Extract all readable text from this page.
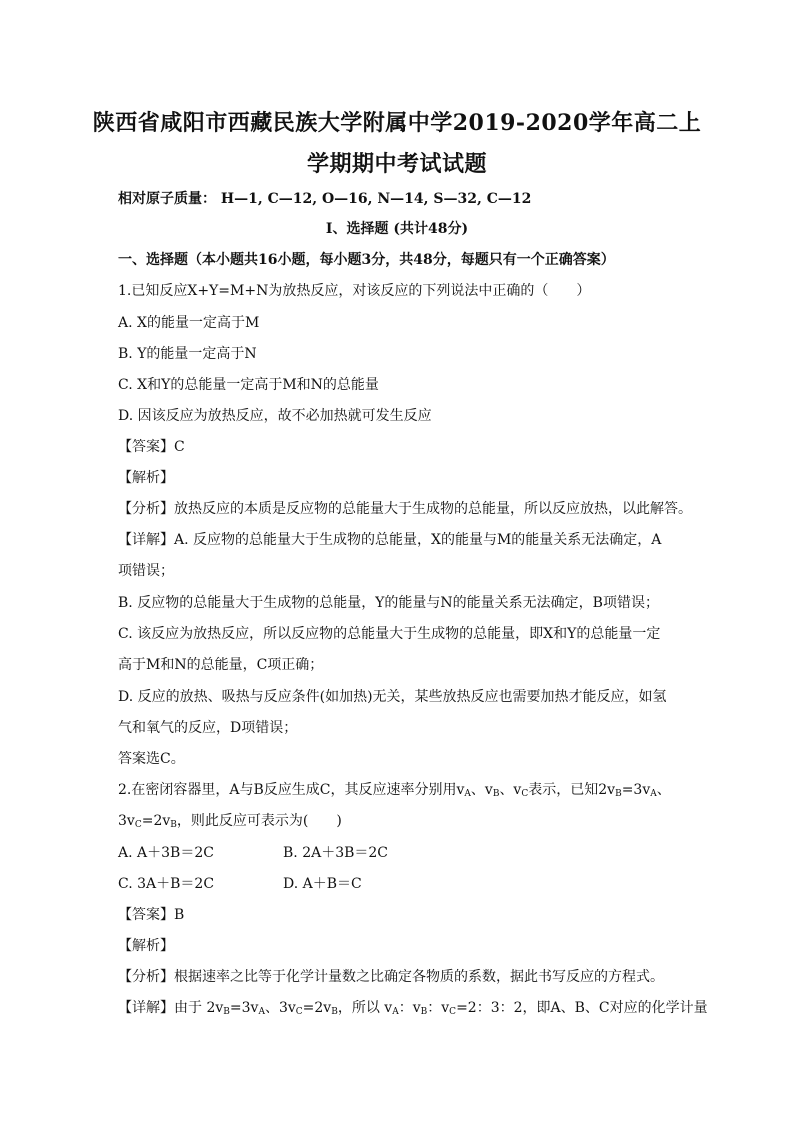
陕西省咸阳市西藏民族大学附属中学2019-2020学年高二上
学期期中考试试题
相对原子质量： H—1, C—12, O—16, N—14, S—32, C—12
I、选择题 (共计48分)
一、选择题（本小题共16小题，每小题3分，共48分，每题只有一个正确答案）
1.已知反应X+Y=M+N为放热反应，对该反应的下列说法中正确的（　　）
A. X的能量一定高于M
B. Y的能量一定高于N
C. X和Y的总能量一定高于M和N的总能量
D. 因该反应为放热反应，故不必加热就可发生反应
【答案】C
【解析】
【分析】放热反应的本质是反应物的总能量大于生成物的总能量，所以反应放热，以此解答。
【详解】A. 反应物的总能量大于生成物的总能量，X的能量与M的能量关系无法确定，A
项错误；
B. 反应物的总能量大于生成物的总能量，Y的能量与N的能量关系无法确定，B项错误；
C. 该反应为放热反应，所以反应物的总能量大于生成物的总能量，即X和Y的总能量一定
高于M和N的总能量，C项正确；
D. 反应的放热、吸热与反应条件(如加热)无关，某些放热反应也需要加热才能反应，如氢
气和氧气的反应，D项错误；
答案选C。
2.在密闭容器里，A与B反应生成C，其反应速率分别用$v_A$、$v_B$、$v_C$表示，已知$2v_B=3v_A$、
$3v_C=2v_B$，则此反应可表示为(　　)
A. A＋3B＝2C	B. 2A＋3B＝2C
C. 3A＋B＝2C	D. A＋B＝C
【答案】B
【解析】
【分析】根据速率之比等于化学计量数之比确定各物质的系数，据此书写反应的方程式。
【详解】由于 $2v_B=3v_A$、$3v_C=2v_B$，所以 $v_A$：$v_B$：$v_C=2$：3：2，即A、B、C对应的化学计量
